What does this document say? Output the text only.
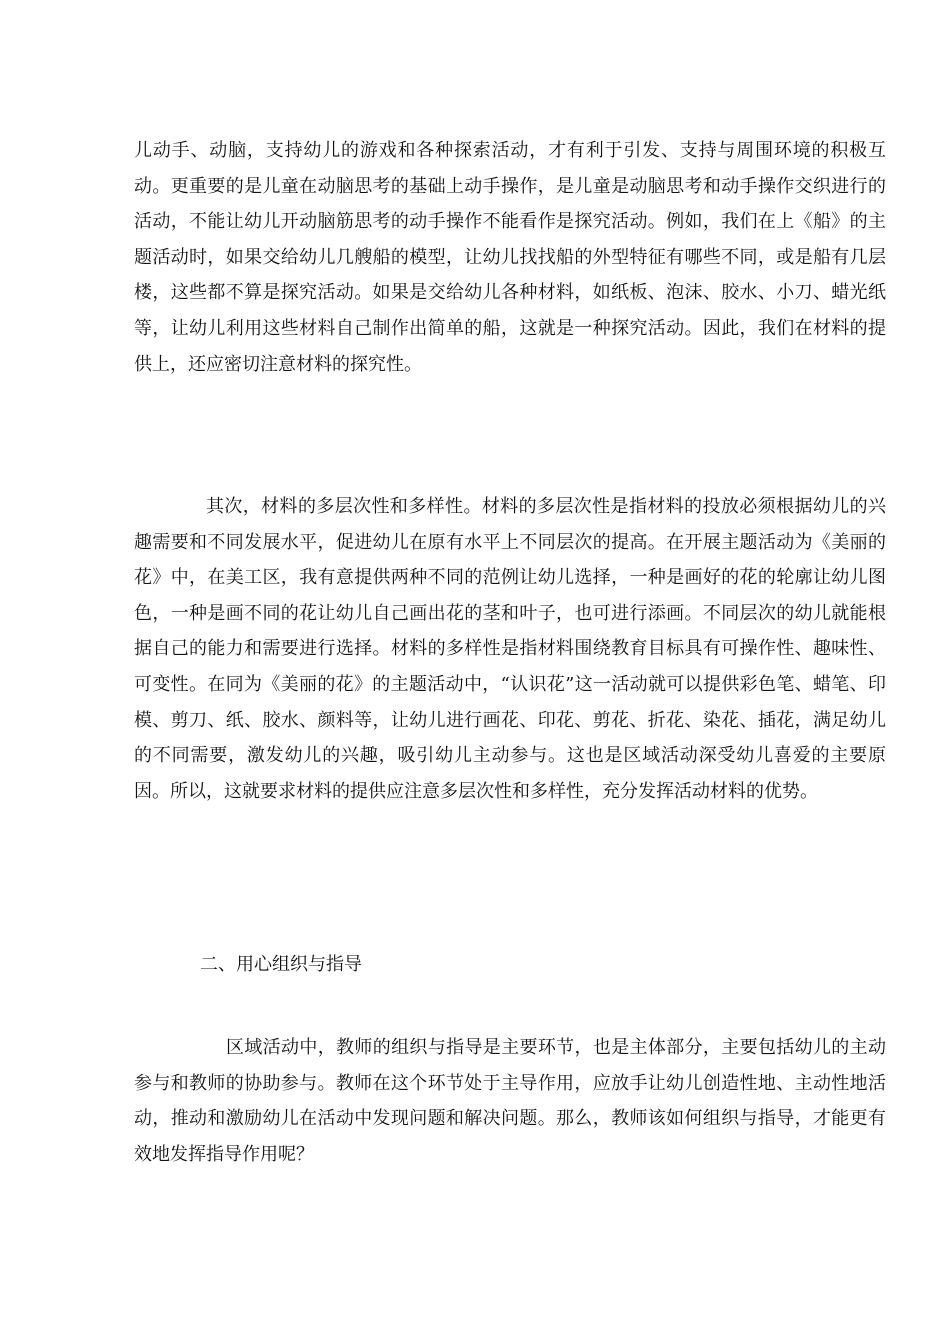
儿动手、动脑，支持幼儿的游戏和各种探索活动，才有利于引发、支持与周围环境的积极互动。更重要的是儿童在动脑思考的基础上动手操作，是儿童是动脑思考和动手操作交织进行的活动，不能让幼儿开动脑筋思考的动手操作不能看作是探究活动。例如，我们在上《船》的主题活动时，如果交给幼儿几艘船的模型，让幼儿找找船的外型特征有哪些不同，或是船有几层楼，这些都不算是探究活动。如果是交给幼儿各种材料，如纸板、泡沫、胶水、小刀、蜡光纸等，让幼儿利用这些材料自己制作出简单的船，这就是一种探究活动。因此，我们在材料的提供上，还应密切注意材料的探究性。

其次，材料的多层次性和多样性。材料的多层次性是指材料的投放必须根据幼儿的兴趣需要和不同发展水平，促进幼儿在原有水平上不同层次的提高。在开展主题活动为《美丽的花》中，在美工区，我有意提供两种不同的范例让幼儿选择，一种是画好的花的轮廓让幼儿图色，一种是画不同的花让幼儿自己画出花的茎和叶子，也可进行添画。不同层次的幼儿就能根据自己的能力和需要进行选择。材料的多样性是指材料围绕教育目标具有可操作性、趣味性、可变性。在同为《美丽的花》的主题活动中，“认识花”这一活动就可以提供彩色笔、蜡笔、印模、剪刀、纸、胶水、颜料等，让幼儿进行画花、印花、剪花、折花、染花、插花，满足幼儿的不同需要，激发幼儿的兴趣，吸引幼儿主动参与。这也是区域活动深受幼儿喜爱的主要原因。所以，这就要求材料的提供应注意多层次性和多样性，充分发挥活动材料的优势。

二、用心组织与指导

区域活动中，教师的组织与指导是主要环节，也是主体部分，主要包括幼儿的主动参与和教师的协助参与。教师在这个环节处于主导作用，应放手让幼儿创造性地、主动性地活动，推动和激励幼儿在活动中发现问题和解决问题。那么，教师该如何组织与指导，才能更有效地发挥指导作用呢？
